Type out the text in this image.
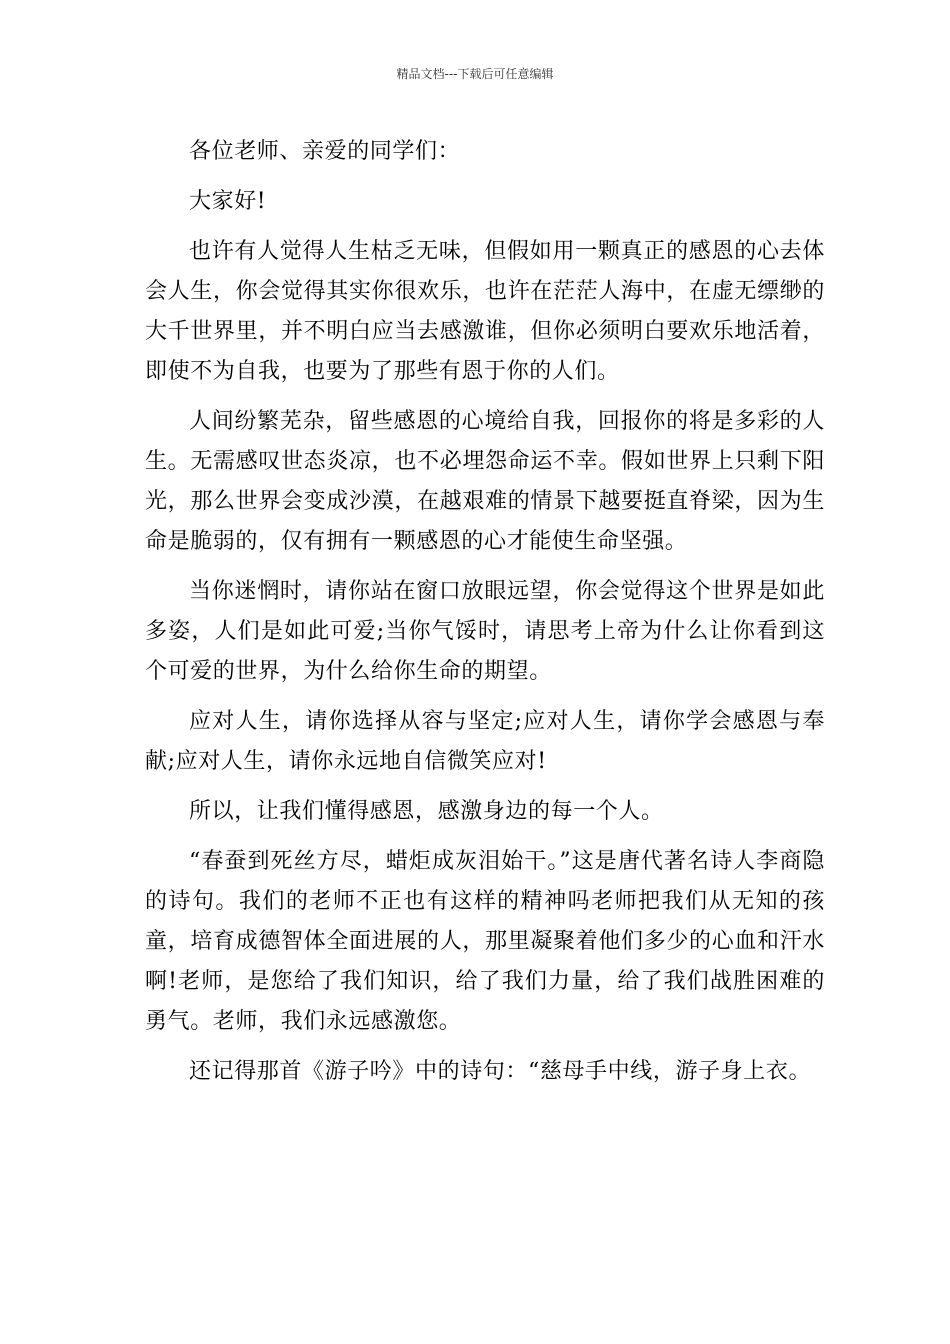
精品文档---下载后可任意编辑

各位老师、亲爱的同学们：

大家好!

也许有人觉得人生枯乏无味，但假如用一颗真正的感恩的心去体会人生，你会觉得其实你很欢乐，也许在茫茫人海中，在虚无缥缈的大千世界里，并不明白应当去感激谁，但你必须明白要欢乐地活着，即使不为自我，也要为了那些有恩于你的人们。

人间纷繁芜杂，留些感恩的心境给自我，回报你的将是多彩的人生。无需感叹世态炎凉，也不必埋怨命运不幸。假如世界上只剩下阳光，那么世界会变成沙漠，在越艰难的情景下越要挺直脊梁，因为生命是脆弱的，仅有拥有一颗感恩的心才能使生命坚强。

当你迷惘时，请你站在窗口放眼远望，你会觉得这个世界是如此多姿，人们是如此可爱;当你气馁时，请思考上帝为什么让你看到这个可爱的世界，为什么给你生命的期望。

应对人生，请你选择从容与坚定;应对人生，请你学会感恩与奉献;应对人生，请你永远地自信微笑应对!

所以，让我们懂得感恩，感激身边的每一个人。

“春蚕到死丝方尽，蜡炬成灰泪始干。”这是唐代著名诗人李商隐的诗句。我们的老师不正也有这样的精神吗老师把我们从无知的孩童，培育成德智体全面进展的人，那里凝聚着他们多少的心血和汗水啊!老师，是您给了我们知识，给了我们力量，给了我们战胜困难的勇气。老师，我们永远感激您。

还记得那首《游子吟》中的诗句：“慈母手中线，游子身上衣。
